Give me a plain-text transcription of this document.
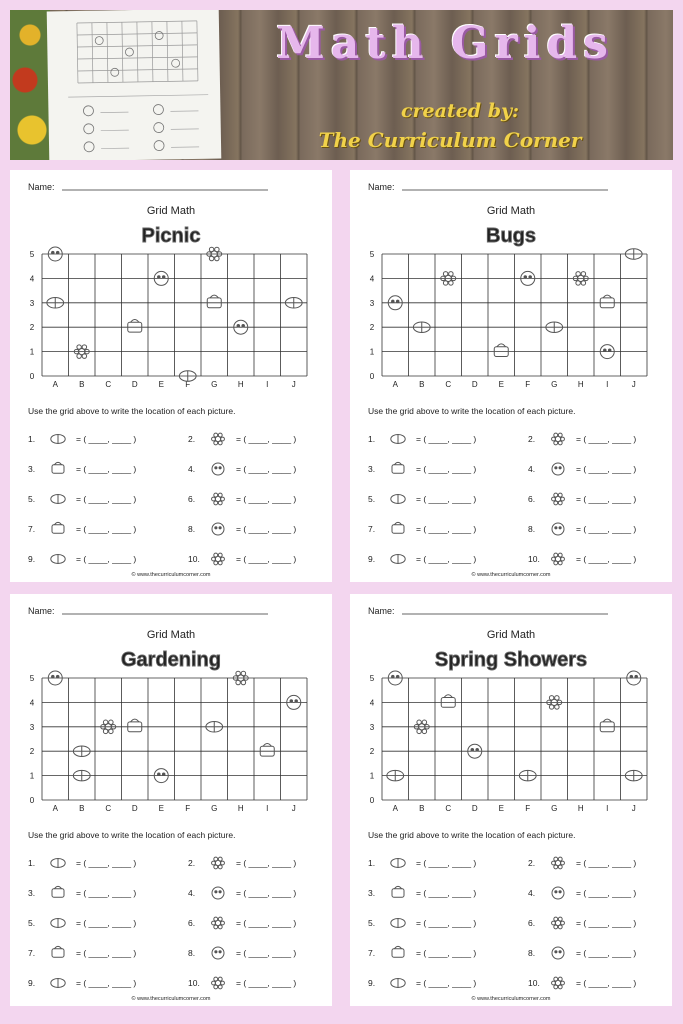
Math Grids
created by:
The Curriculum Corner
Name:
Grid Math
Picnic
5
4
3
2
1
0
A	B	C	D	E	F	G	H	I	J
Use the grid above to write the location of each picture.
1.	= ( ____, ____ )	2.	= ( ____, ____ )
3.	= ( ____, ____ )	4.	= ( ____, ____ )
5.	= ( ____, ____ )	6.	= ( ____, ____ )
7.	= ( ____, ____ )	8.	= ( ____, ____ )
9.	= ( ____, ____ )	10.	= ( ____, ____ )
© www.thecurriculumcorner.com
Name:
Grid Math
Bugs
5
4
3
2
1
0
A	B	C	D	E	F	G	H	I	J
Use the grid above to write the location of each picture.
1.	= ( ____, ____ )	2.	= ( ____, ____ )
3.	= ( ____, ____ )	4.	= ( ____, ____ )
5.	= ( ____, ____ )	6.	= ( ____, ____ )
7.	= ( ____, ____ )	8.	= ( ____, ____ )
9.	= ( ____, ____ )	10.	= ( ____, ____ )
© www.thecurriculumcorner.com
Name:
Grid Math
Gardening
5
4
3
2
1
0
A	B	C	D	E	F	G	H	I	J
Use the grid above to write the location of each picture.
1.	= ( ____, ____ )	2.	= ( ____, ____ )
3.	= ( ____, ____ )	4.	= ( ____, ____ )
5.	= ( ____, ____ )	6.	= ( ____, ____ )
7.	= ( ____, ____ )	8.	= ( ____, ____ )
9.	= ( ____, ____ )	10.	= ( ____, ____ )
© www.thecurriculumcorner.com
Name:
Grid Math
Spring Showers
5
4
3
2
1
0
A	B	C	D	E	F	G	H	I	J
Use the grid above to write the location of each picture.
1.	= ( ____, ____ )	2.	= ( ____, ____ )
3.	= ( ____, ____ )	4.	= ( ____, ____ )
5.	= ( ____, ____ )	6.	= ( ____, ____ )
7.	= ( ____, ____ )	8.	= ( ____, ____ )
9.	= ( ____, ____ )	10.	= ( ____, ____ )
© www.thecurriculumcorner.com
